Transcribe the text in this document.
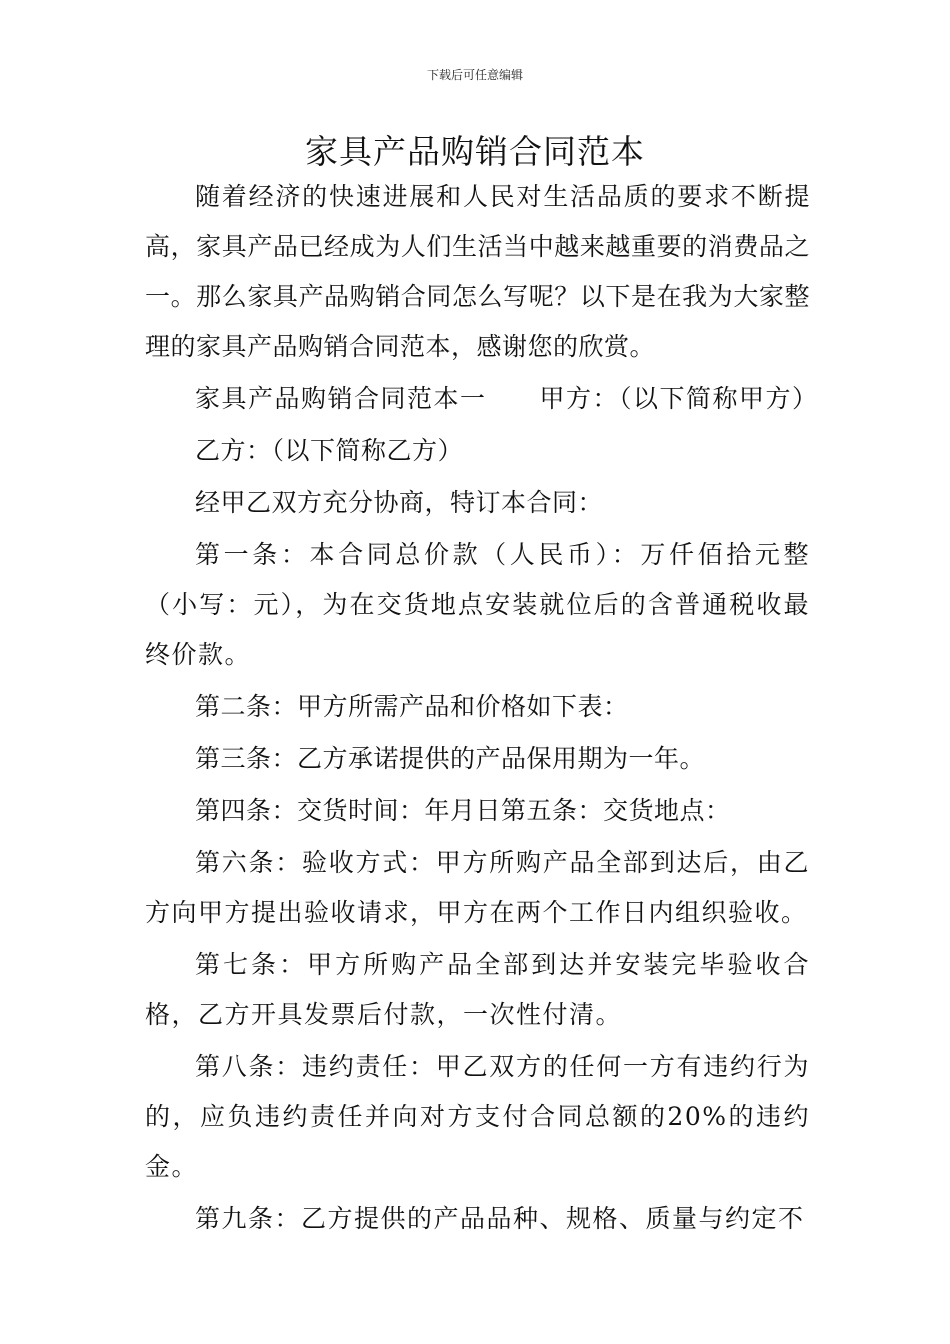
下载后可任意编辑
家具产品购销合同范本

随着经济的快速进展和人民对生活品质的要求不断提高，家具产品已经成为人们生活当中越来越重要的消费品之一。那么家具产品购销合同怎么写呢？以下是在我为大家整理的家具产品购销合同范本，感谢您的欣赏。

家具产品购销合同范本一　　甲方：（以下简称甲方）

乙方：（以下简称乙方）

经甲乙双方充分协商，特订本合同：

第一条：本合同总价款（人民币）：万仟佰拾元整（小写：元），为在交货地点安装就位后的含普通税收最终价款。

第二条：甲方所需产品和价格如下表：

第三条：乙方承诺提供的产品保用期为一年。

第四条：交货时间：年月日第五条：交货地点：

第六条：验收方式：甲方所购产品全部到达后，由乙方向甲方提出验收请求，甲方在两个工作日内组织验收。

第七条：甲方所购产品全部到达并安装完毕验收合格，乙方开具发票后付款，一次性付清。

第八条：违约责任：甲乙双方的任何一方有违约行为的，应负违约责任并向对方支付合同总额的20%的违约金。

第九条：乙方提供的产品品种、规格、质量与约定不
